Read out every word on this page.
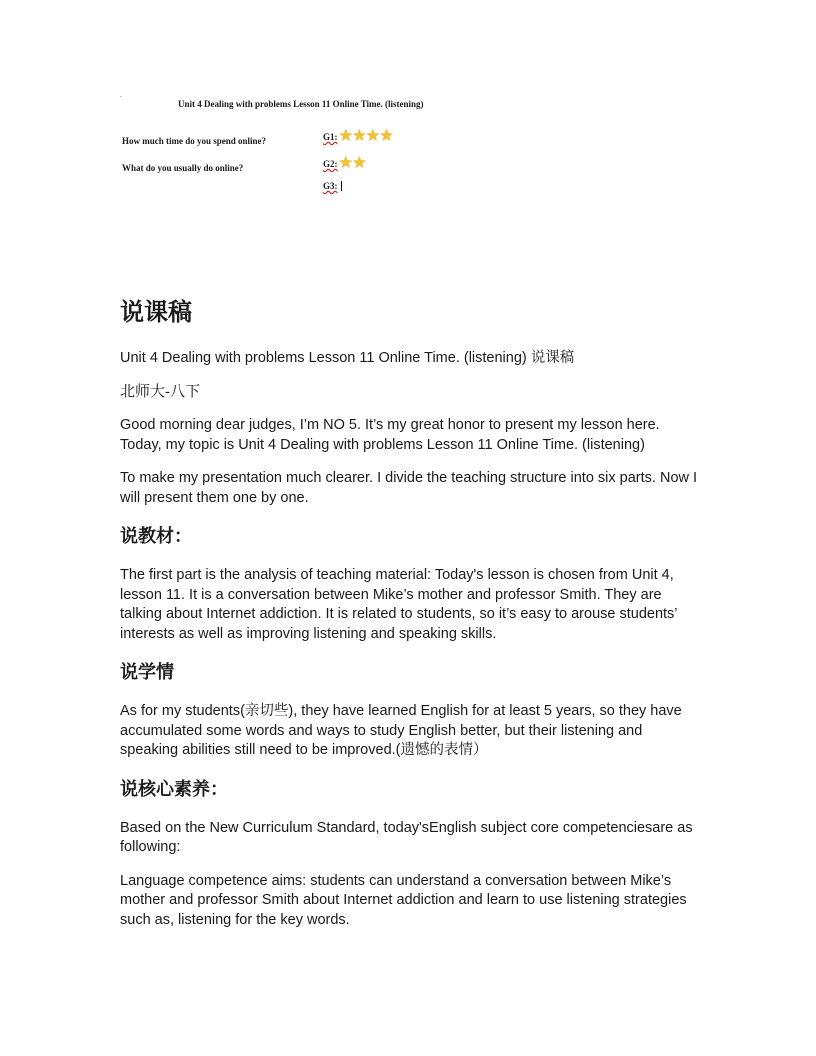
-
Unit 4 Dealing with problems Lesson 11 Online Time. (listening)
How much time do you spend online?
What do you usually do online?
G1: ★ ★ ★ ★
G2: ★ ★
G3:
说课稿

Unit 4 Dealing with problems Lesson 11 Online Time. (listening) 说课稿

北师大-八下

Good morning dear judges, I’m NO 5. It’s my great honor to present my lesson here. Today, my topic is Unit 4 Dealing with problems Lesson 11 Online Time. (listening)

To make my presentation much clearer. I divide the teaching structure into six parts. Now I will present them one by one.

说教材：

The first part is the analysis of teaching material: Today's lesson is chosen from Unit 4, lesson 11. It is a conversation between Mike’s mother and professor Smith. They are talking about Internet addiction. It is related to students, so it’s easy to arouse students’ interests as well as improving listening and speaking skills.

说学情

As for my students(亲切些), they have learned English for at least 5 years, so they have accumulated some words and ways to study English better, but their listening and speaking abilities still need to be improved.(遗憾的表情）

说核心素养：

Based on the New Curriculum Standard, today'sEnglish subject core competenciesare as following:

Language competence aims: students can understand a conversation between Mike’s mother and professor Smith about Internet addiction and learn to use listening strategies such as, listening for the key words.
